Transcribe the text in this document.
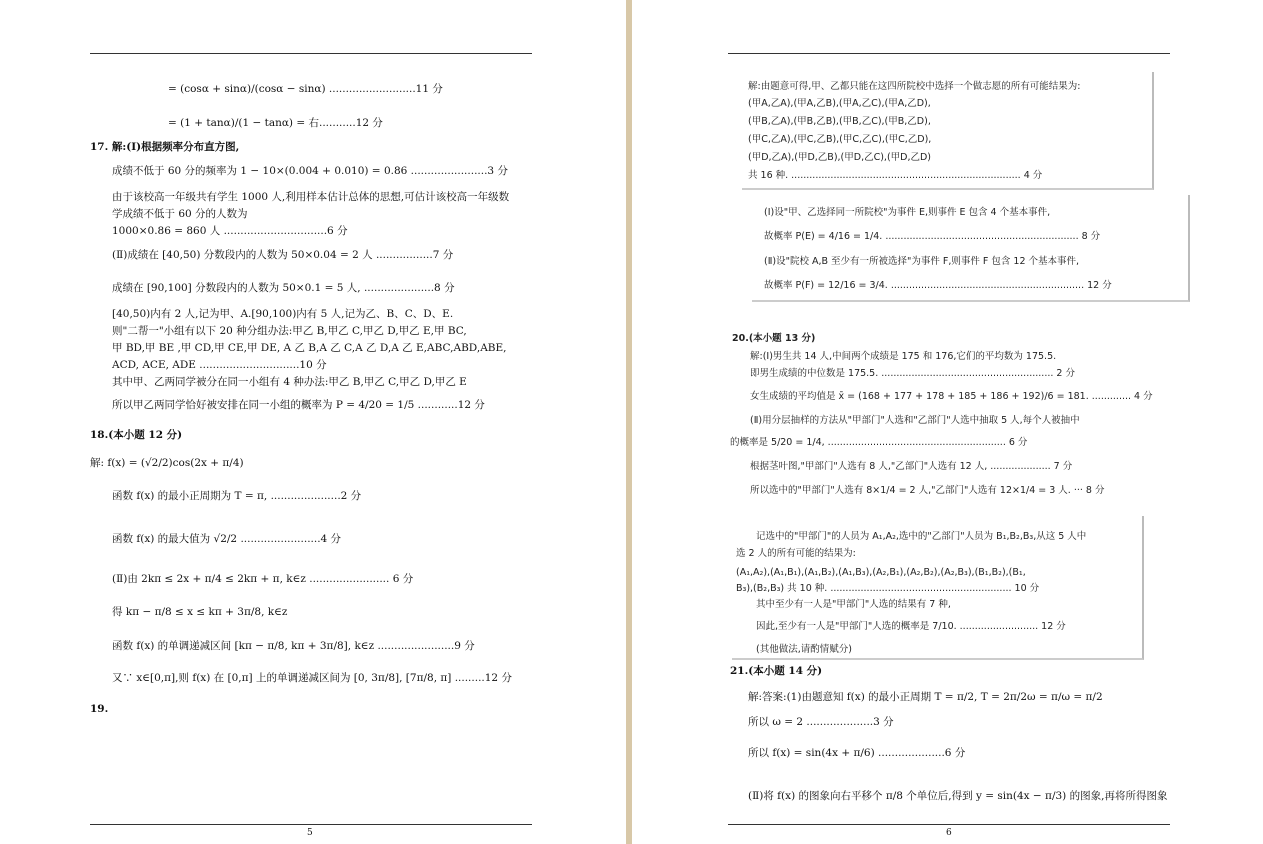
= (cosα + sinα)/(cosα − sinα) ..........................11 分
= (1 + tanα)/(1 − tanα) = 右...........12 分
17. 解:(Ⅰ)根据频率分布直方图,
成绩不低于 60 分的频率为 1 − 10×(0.004 + 0.010) = 0.86 .......................3 分
由于该校高一年级共有学生 1000 人,利用样本估计总体的思想,可估计该校高一年级数
学成绩不低于 60 分的人数为
1000×0.86 = 860 人 ...............................6 分
(Ⅱ)成绩在 [40,50) 分数段内的人数为 50×0.04 = 2 人 .................7 分
成绩在 [90,100] 分数段内的人数为 50×0.1 = 5 人, .....................8 分
[40,50)内有 2 人,记为甲、A.[90,100)内有 5 人,记为乙、B、C、D、E.
则"二帮一"小组有以下 20 种分组办法:甲乙 B,甲乙 C,甲乙 D,甲乙 E,甲 BC,
甲 BD,甲 BE ,甲 CD,甲 CE,甲 DE, A 乙 B,A 乙 C,A 乙 D,A 乙 E,ABC,ABD,ABE,
ACD, ACE, ADE ..............................10 分
其中甲、乙两同学被分在同一小组有 4 种办法:甲乙 B,甲乙 C,甲乙 D,甲乙 E
所以甲乙两同学恰好被安排在同一小组的概率为 P = 4/20 = 1/5 ............12 分
18.(本小题 12 分)
解: f(x) = (√2/2)cos(2x + π/4)
函数 f(x) 的最小正周期为 T = π, .....................2 分
函数 f(x) 的最大值为 √2/2 ........................4 分
(Ⅱ)由 2kπ ≤ 2x + π/4 ≤ 2kπ + π, k∈z ........................ 6 分
得 kπ − π/8 ≤ x ≤ kπ + 3π/8, k∈z
函数 f(x) 的单调递减区间 [kπ − π/8, kπ + 3π/8], k∈z .......................9 分
又∵ x∈[0,π],则 f(x) 在 [0,π] 上的单调递减区间为 [0, 3π/8], [7π/8, π] .........12 分
19.
5
解:由题意可得,甲、乙都只能在这四所院校中选择一个做志愿的所有可能结果为:
(甲A,乙A),(甲A,乙B),(甲A,乙C),(甲A,乙D),
(甲B,乙A),(甲B,乙B),(甲B,乙C),(甲B,乙D),
(甲C,乙A),(甲C,乙B),(甲C,乙C),(甲C,乙D),
(甲D,乙A),(甲D,乙B),(甲D,乙C),(甲D,乙D)
共 16 种. ............................................................................ 4 分
(Ⅰ)设"甲、乙选择同一所院校"为事件 E,则事件 E 包含 4 个基本事件,
故概率 P(E) = 4/16 = 1/4. ................................................................ 8 分
(Ⅱ)设"院校 A,B 至少有一所被选择"为事件 F,则事件 F 包含 12 个基本事件,
故概率 P(F) = 12/16 = 3/4. ................................................................ 12 分
20.(本小题 13 分)
解:(Ⅰ)男生共 14 人,中间两个成绩是 175 和 176,它们的平均数为 175.5.
即男生成绩的中位数是 175.5. ......................................................... 2 分
女生成绩的平均值是 x̄ = (168 + 177 + 178 + 185 + 186 + 192)/6 = 181. ............. 4 分
(Ⅱ)用分层抽样的方法从"甲部门"人选和"乙部门"人选中抽取 5 人,每个人被抽中
的概率是 5/20 = 1/4, ........................................................... 6 分
根据茎叶图,"甲部门"人选有 8 人,"乙部门"人选有 12 人, .................... 7 分
所以选中的"甲部门"人选有 8×1/4 = 2 人,"乙部门"人选有 12×1/4 = 3 人. ··· 8 分
记选中的"甲部门"的人员为 A₁,A₂,选中的"乙部门"人员为 B₁,B₂,B₃,从这 5 人中
选 2 人的所有可能的结果为:
(A₁,A₂),(A₁,B₁),(A₁,B₂),(A₁,B₃),(A₂,B₁),(A₂,B₂),(A₂,B₃),(B₁,B₂),(B₁,
B₃),(B₂,B₃) 共 10 种. ............................................................ 10 分
其中至少有一人是"甲部门"人选的结果有 7 种,
因此,至少有一人是"甲部门"人选的概率是 7/10. .......................... 12 分
(其他做法,请酌情赋分)
21.(本小题 14 分)
解:答案:(1)由题意知 f(x) 的最小正周期 T = π/2, T = 2π/2ω = π/ω = π/2
所以 ω = 2 ....................3 分
所以 f(x) = sin(4x + π/6) ....................6 分
(Ⅱ)将 f(x) 的图象向右平移个 π/8 个单位后,得到 y = sin(4x − π/3) 的图象,再将所得图象
6
